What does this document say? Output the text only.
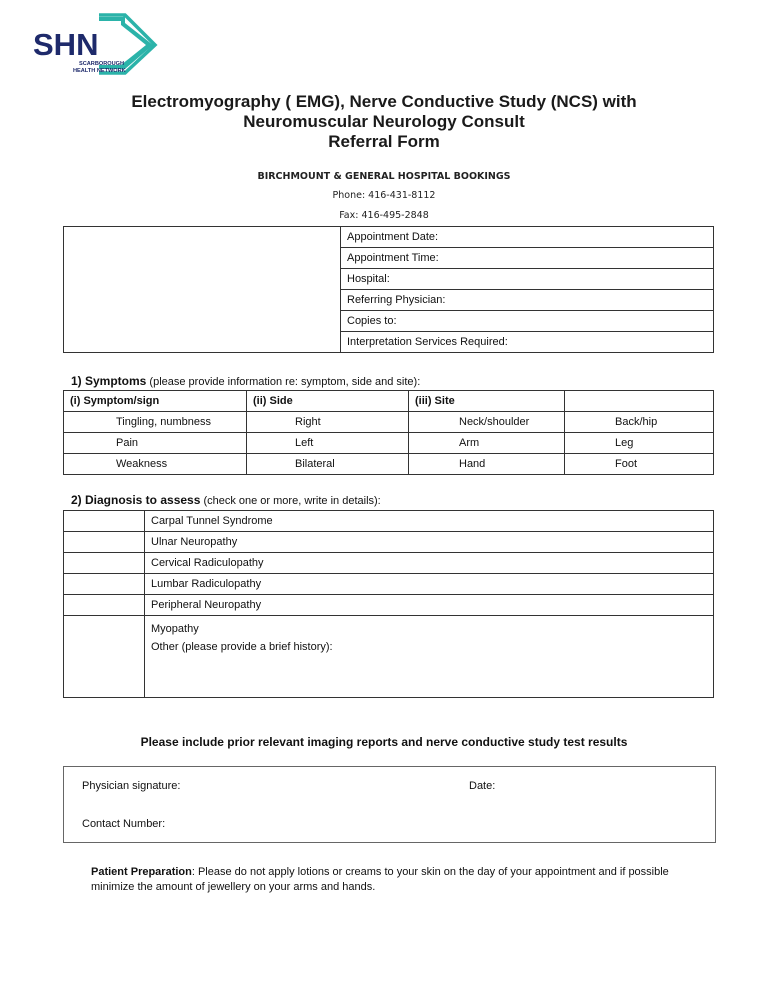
SHN
SCARBOROUGH
HEALTH NETWORK
Electromyography ( EMG), Nerve Conductive Study (NCS) with
Neuromuscular Neurology Consult
Referral Form
BIRCHMOUNT & GENERAL HOSPITAL BOOKINGS
Phone: 416-431-8112
Fax: 416-495-2848
	Appointment Date:
Appointment Time:
Hospital:
Referring Physician:
Copies to:
Interpretation Services Required:
1) Symptoms (please provide information re: symptom, side and site):
(i) Symptom/sign	(ii) Side	(iii) Site	
Tingling, numbness	Right	Neck/shoulder	Back/hip
Pain	Left	Arm	Leg
Weakness	Bilateral	Hand	Foot
2) Diagnosis to assess (check one or more, write in details):
	Carpal Tunnel Syndrome
	Ulnar Neuropathy
	Cervical Radiculopathy
	Lumbar Radiculopathy
	Peripheral Neuropathy

	Myopathy
Other (please provide a brief history):
Please include prior relevant imaging reports and nerve conductive study test results
Physician signature:	Date:
Contact Number:
Patient Preparation: Please do not apply lotions or creams to your skin on the day of your appointment and if possible minimize the amount of jewellery on your arms and hands.
